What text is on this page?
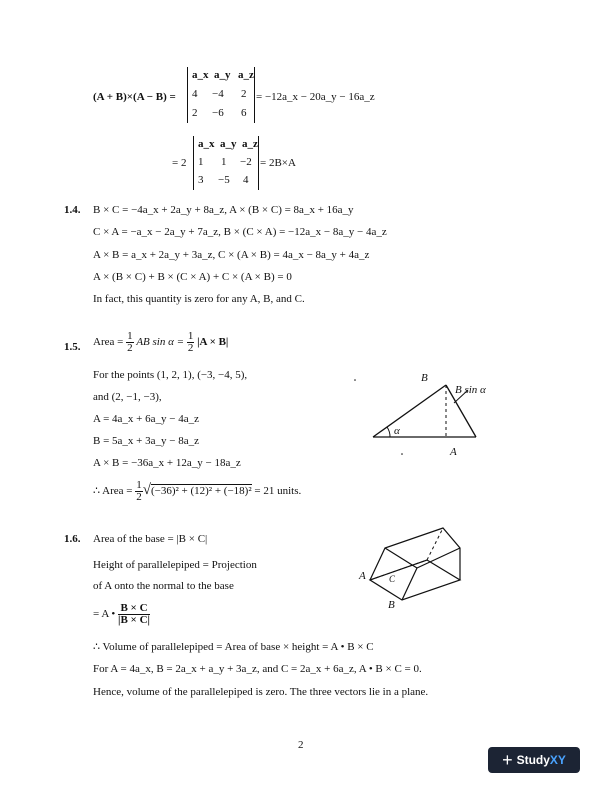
(A + B)×(A − B) =
a_x a_y a_z
4 −4 2
2 −6 6
= −12a_x − 20a_y − 16a_z
= 2
a_x a_y a_z
1 1 −2
3 −5 4
= 2B×A
1.4. B × C = −4a_x + 2a_y + 8a_z, A × (B × C) = 8a_x + 16a_y
C × A = −a_x − 2a_y + 7a_z, B × (C × A) = −12a_x − 8a_y − 4a_z
A × B = a_x + 2a_y + 3a_z, C × (A × B) = 4a_x − 8a_y + 4a_z
A × (B × C) + B × (C × A) + C × (A × B) = 0
In fact, this quantity is zero for any A, B, and C.
1.5. Area = $\frac{1}{2}$ AB $\sin \alpha = \frac{1}{2} |A \times B|$
For the points (1, 2, 1), (−3, −4, 5),
and (2, −1, −3),
A = 4a_x + 6a_y − 4a_z
B = 5a_x + 3a_y − 8a_z
A × B = −36a_x + 12a_y − 18a_z
∴ Area = $\frac{1}{2} √(-36)^2 + (12)^2 + (-18)^2 = 21$ units.
B
B sin α
α
A
1.6. Area of the base = |B × C|
Height of parallelepiped = Projection
of A onto the normal to the base
= A • $\frac{B \times C}{|B \times C|}$
∴ Volume of parallelepiped = Area of base × height = A • B × C
For A = 4a_x, B = 2a_x + a_y + 3a_z, and C = 2a_x + 6a_z, A • B × C = 0.
Hence, volume of the parallelepiped is zero. The three vectors lie in a plane.
A	C
B
2
+ Study XY
